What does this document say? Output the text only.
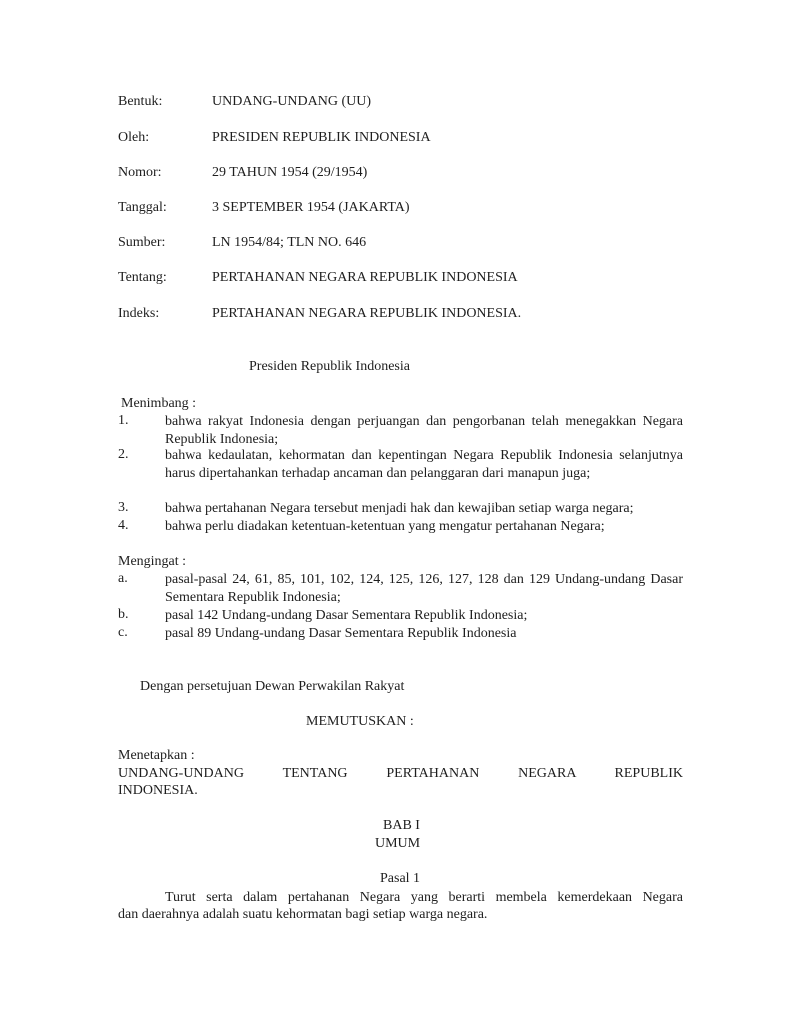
Bentuk:	UNDANG-UNDANG (UU)
Oleh:	PRESIDEN REPUBLIK INDONESIA
Nomor:	29 TAHUN 1954 (29/1954)
Tanggal:	3 SEPTEMBER 1954 (JAKARTA)
Sumber:	LN 1954/84; TLN NO. 646
Tentang:	PERTAHANAN NEGARA REPUBLIK INDONESIA
Indeks:	PERTAHANAN NEGARA REPUBLIK INDONESIA.
Presiden Republik Indonesia
Menimbang :
1.	bahwa rakyat Indonesia dengan perjuangan dan pengorbanan telah menegakkan Negara Republik Indonesia;
2.	bahwa kedaulatan, kehormatan dan kepentingan Negara Republik Indonesia selanjutnya harus dipertahankan terhadap ancaman dan pelanggaran dari manapun juga;
3.	bahwa pertahanan Negara tersebut menjadi hak dan kewajiban setiap warga negara;
4.	bahwa perlu diadakan ketentuan-ketentuan yang mengatur pertahanan Negara;
Mengingat :
a.	pasal-pasal 24, 61, 85, 101, 102, 124, 125, 126, 127, 128 dan 129 Undang-undang Dasar Sementara Republik Indonesia;
b.	pasal 142 Undang-undang Dasar Sementara Republik Indonesia;
c.	pasal 89 Undang-undang Dasar Sementara Republik Indonesia
Dengan persetujuan Dewan Perwakilan Rakyat
MEMUTUSKAN :
Menetapkan :
UNDANG-UNDANG TENTANG PERTAHANAN NEGARA REPUBLIK
INDONESIA.
BAB I
UMUM
Pasal 1
Turut serta dalam pertahanan Negara yang berarti membela kemerdekaan Negara
dan daerahnya adalah suatu kehormatan bagi setiap warga negara.
